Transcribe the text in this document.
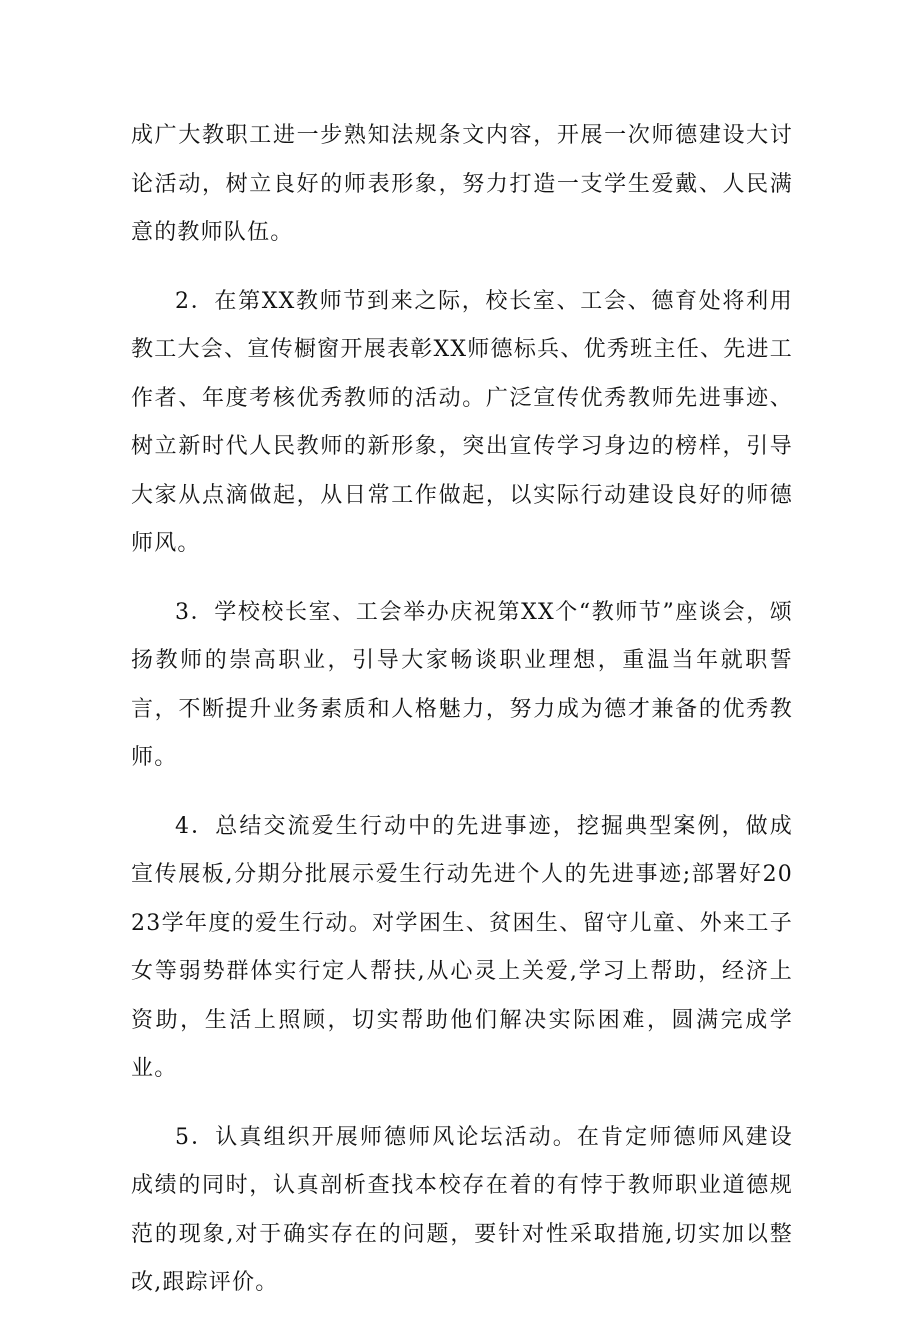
成广大教职工进一步熟知法规条文内容，开展一次师德建设大讨论活动，树立良好的师表形象，努力打造一支学生爱戴、人民满意的教师队伍。

2．在第XX教师节到来之际，校长室、工会、德育处将利用教工大会、宣传橱窗开展表彰XX师德标兵、优秀班主任、先进工作者、年度考核优秀教师的活动。广泛宣传优秀教师先进事迹、树立新时代人民教师的新形象，突出宣传学习身边的榜样，引导大家从点滴做起，从日常工作做起，以实际行动建设良好的师德师风。

3．学校校长室、工会举办庆祝第XX个“教师节”座谈会，颂扬教师的崇高职业，引导大家畅谈职业理想，重温当年就职誓言，不断提升业务素质和人格魅力，努力成为德才兼备的优秀教师。

4．总结交流爱生行动中的先进事迹，挖掘典型案例，做成宣传展板,分期分批展示爱生行动先进个人的先进事迹;部署好2023学年度的爱生行动。对学困生、贫困生、留守儿童、外来工子女等弱势群体实行定人帮扶,从心灵上关爱,学习上帮助，经济上资助，生活上照顾，切实帮助他们解决实际困难，圆满完成学业。

5．认真组织开展师德师风论坛活动。在肯定师德师风建设成绩的同时，认真剖析查找本校存在着的有悖于教师职业道德规范的现象,对于确实存在的问题，要针对性采取措施,切实加以整改,跟踪评价。
